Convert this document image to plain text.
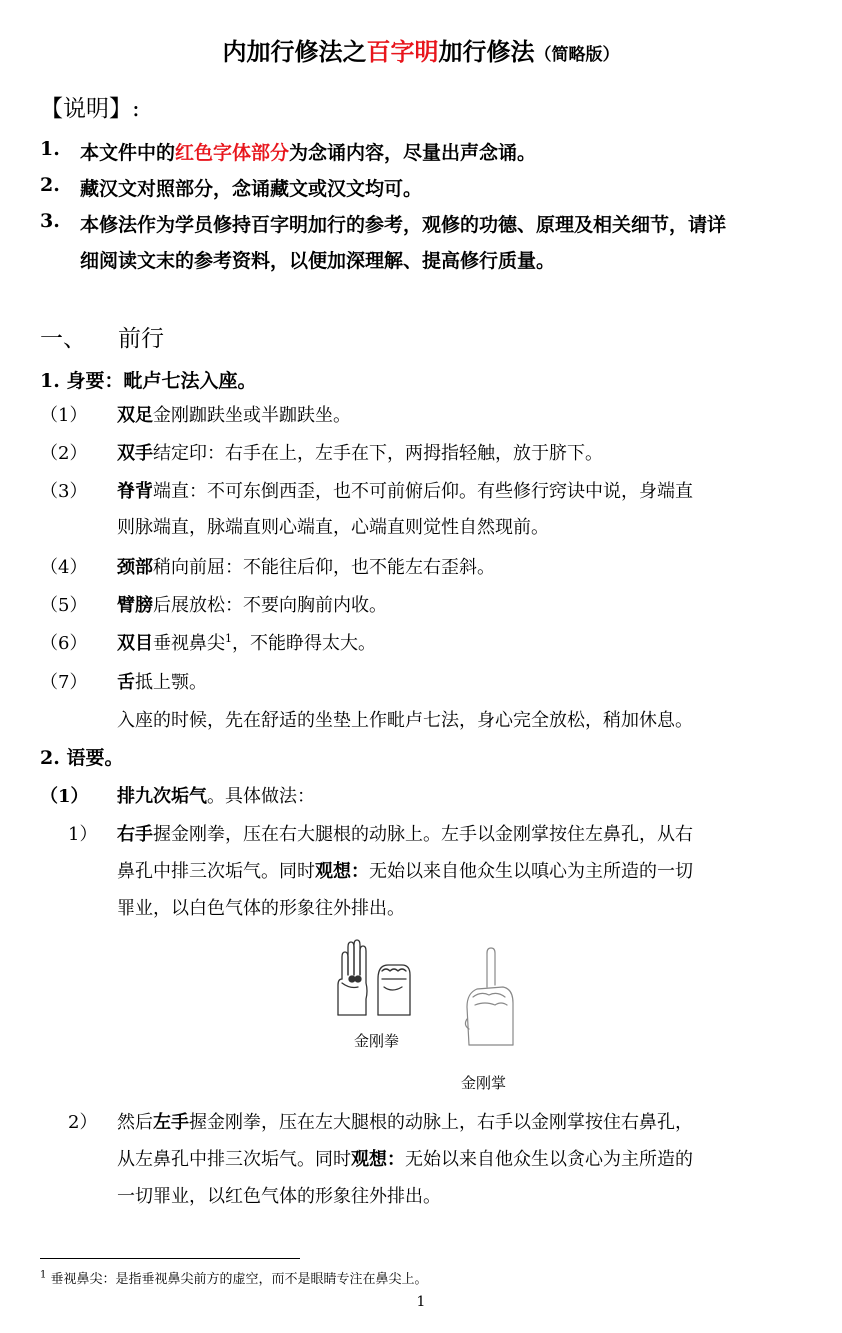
内加行修法之百字明加行修法（简略版）
【说明】:
1. 本文件中的红色字体部分为念诵内容，尽量出声念诵。
2. 藏汉文对照部分，念诵藏文或汉文均可。
3. 本修法作为学员修持百字明加行的参考，观修的功德、原理及相关细节，请详
细阅读文末的参考资料，以便加深理解、提高修行质量。
一、 前行
1. 身要：毗卢七法入座。
（1） 双足金刚跏趺坐或半跏趺坐。
（2） 双手结定印：右手在上，左手在下，两拇指轻触，放于脐下。
（3） 脊背端直：不可东倒西歪，也不可前俯后仰。有些修行窍诀中说，身端直
则脉端直，脉端直则心端直，心端直则觉性自然现前。
（4） 颈部稍向前屈：不能往后仰，也不能左右歪斜。
（5） 臂膀后展放松：不要向胸前内收。
（6） 双目垂视鼻尖$^1$，不能睁得太大。
（7） 舌抵上颚。
入座的时候，先在舒适的坐垫上作毗卢七法，身心完全放松，稍加休息。
2. 语要。
（1） 排九次垢气。具体做法：
1） 右手握金刚拳，压在右大腿根的动脉上。左手以金刚掌按住左鼻孔，从右
鼻孔中排三次垢气。同时观想：无始以来自他众生以嗔心为主所造的一切
罪业，以白色气体的形象往外排出。
金刚拳
金刚掌
2） 然后左手握金刚拳，压在左大腿根的动脉上，右手以金刚掌按住右鼻孔，
从左鼻孔中排三次垢气。同时观想：无始以来自他众生以贪心为主所造的
一切罪业，以红色气体的形象往外排出。
$^1$ 垂视鼻尖：是指垂视鼻尖前方的虚空，而不是眼睛专注在鼻尖上。
1
